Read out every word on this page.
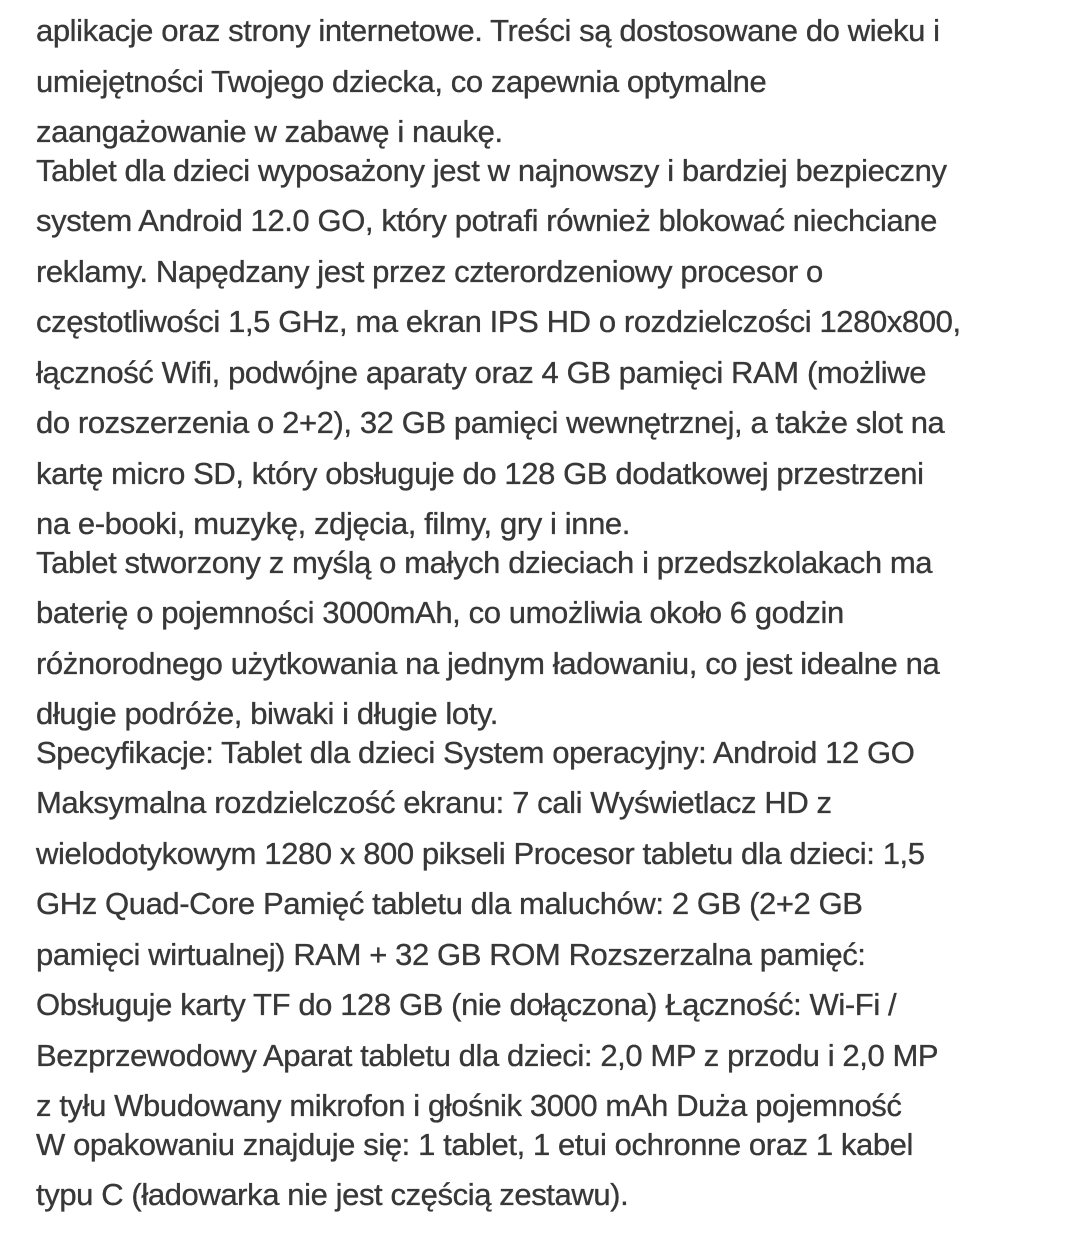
aplikacje oraz strony internetowe. Treści są dostosowane do wieku i
umiejętności Twojego dziecka, co zapewnia optymalne
zaangażowanie w zabawę i naukę.
Tablet dla dzieci wyposażony jest w najnowszy i bardziej bezpieczny
system Android 12.0 GO, który potrafi również blokować niechciane
reklamy. Napędzany jest przez czterordzeniowy procesor o
częstotliwości 1,5 GHz, ma ekran IPS HD o rozdzielczości 1280x800,
łączność Wifi, podwójne aparaty oraz 4 GB pamięci RAM (możliwe
do rozszerzenia o 2+2), 32 GB pamięci wewnętrznej, a także slot na
kartę micro SD, który obsługuje do 128 GB dodatkowej przestrzeni
na e-booki, muzykę, zdjęcia, filmy, gry i inne.
Tablet stworzony z myślą o małych dzieciach i przedszkolakach ma
baterię o pojemności 3000mAh, co umożliwia około 6 godzin
różnorodnego użytkowania na jednym ładowaniu, co jest idealne na
długie podróże, biwaki i długie loty.
Specyfikacje: Tablet dla dzieci System operacyjny: Android 12 GO
Maksymalna rozdzielczość ekranu: 7 cali Wyświetlacz HD z
wielodotykowym 1280 x 800 pikseli Procesor tabletu dla dzieci: 1,5
GHz Quad-Core Pamięć tabletu dla maluchów: 2 GB (2+2 GB
pamięci wirtualnej) RAM + 32 GB ROM Rozszerzalna pamięć:
Obsługuje karty TF do 128 GB (nie dołączona) Łączność: Wi-Fi /
Bezprzewodowy Aparat tabletu dla dzieci: 2,0 MP z przodu i 2,0 MP
z tyłu Wbudowany mikrofon i głośnik 3000 mAh Duża pojemność
W opakowaniu znajduje się: 1 tablet, 1 etui ochronne oraz 1 kabel
typu C (ładowarka nie jest częścią zestawu).
